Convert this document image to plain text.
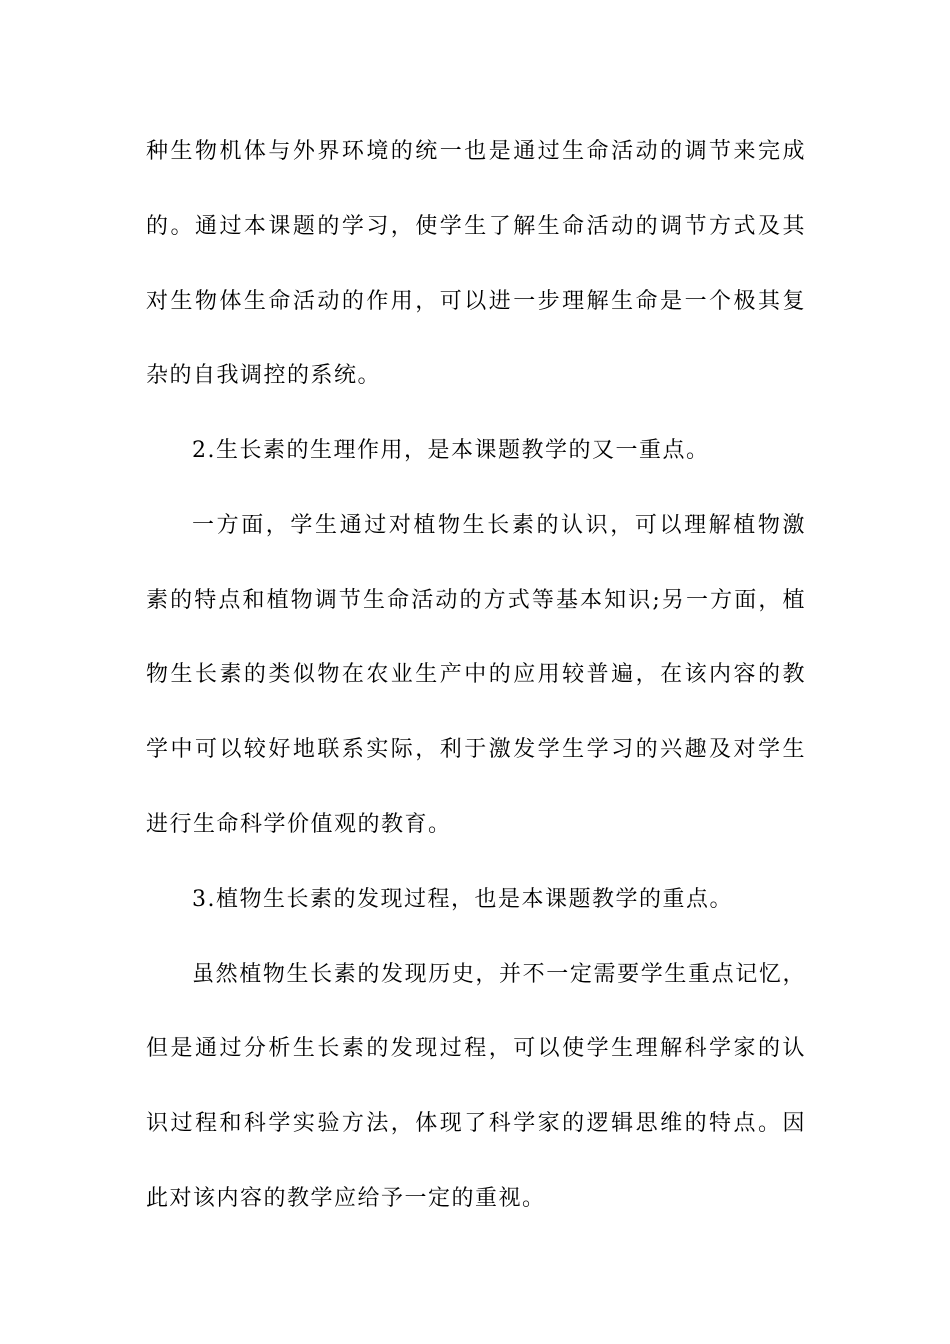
种生物机体与外界环境的统一也是通过生命活动的调节来完成
的。通过本课题的学习，使学生了解生命活动的调节方式及其
对生物体生命活动的作用，可以进一步理解生命是一个极其复
杂的自我调控的系统。
2.生长素的生理作用，是本课题教学的又一重点。
一方面，学生通过对植物生长素的认识，可以理解植物激
素的特点和植物调节生命活动的方式等基本知识;另一方面，植
物生长素的类似物在农业生产中的应用较普遍，在该内容的教
学中可以较好地联系实际，利于激发学生学习的兴趣及对学生
进行生命科学价值观的教育。
3.植物生长素的发现过程，也是本课题教学的重点。
虽然植物生长素的发现历史，并不一定需要学生重点记忆，
但是通过分析生长素的发现过程，可以使学生理解科学家的认
识过程和科学实验方法，体现了科学家的逻辑思维的特点。因
此对该内容的教学应给予一定的重视。
